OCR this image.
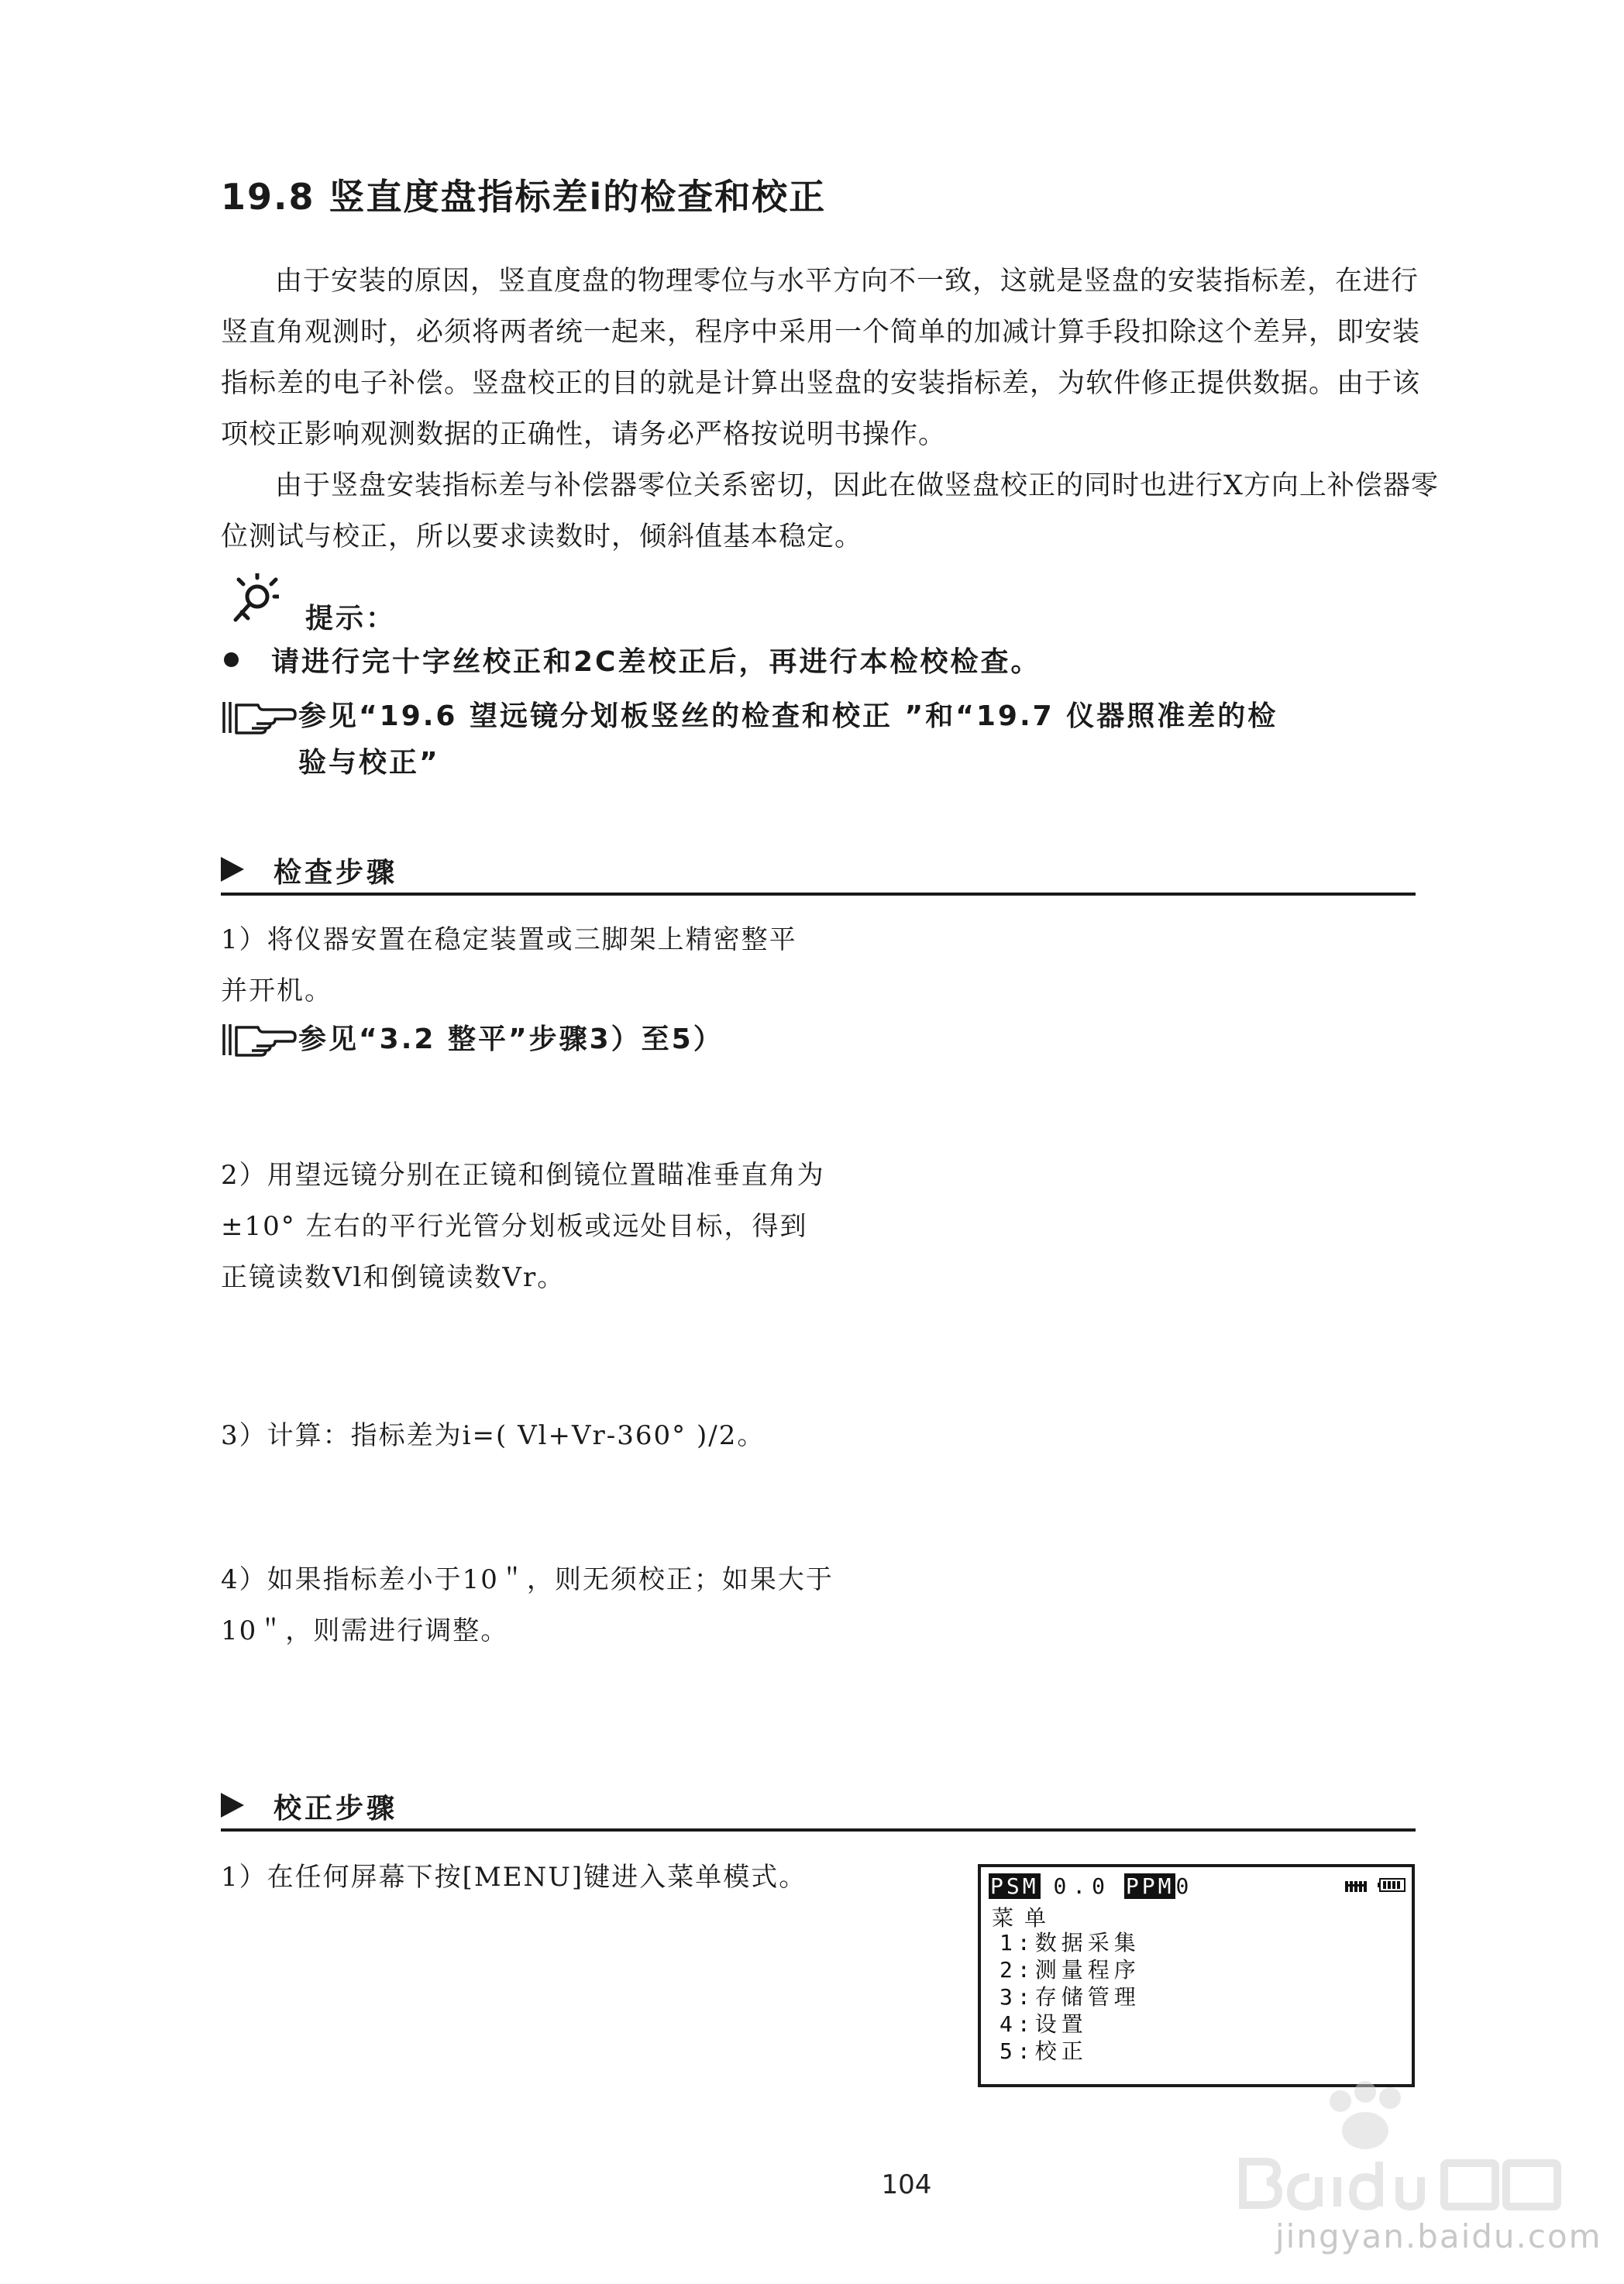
19.8 竖直度盘指标差i的检查和校正

由于安装的原因，竖直度盘的物理零位与水平方向不一致，这就是竖盘的安装指标差，在进行竖直角观测时，必须将两者统一起来，程序中采用一个简单的加减计算手段扣除这个差异，即安装指标差的电子补偿。竖盘校正的目的就是计算出竖盘的安装指标差，为软件修正提供数据。由于该项校正影响观测数据的正确性，请务必严格按说明书操作。

由于竖盘安装指标差与补偿器零位关系密切，因此在做竖盘校正的同时也进行X方向上补偿器零位测试与校正，所以要求读数时，倾斜值基本稳定。

提示：
请进行完十字丝校正和2C差校正后，再进行本检校检查。
参见“19.6 望远镜分划板竖丝的检查和校正 ”和“19.7 仪器照准差的检
验与校正”
检查步骤
1）将仪器安置在稳定装置或三脚架上精密整平
并开机。
参见“3.2 整平”步骤3）至5）
2）用望远镜分别在正镜和倒镜位置瞄准垂直角为
±10° 左右的平行光管分划板或远处目标，得到
正镜读数Vl和倒镜读数Vr。
3）计算：指标差为i=( Vl+Vr-360° )/2。
4）如果指标差小于10＂，则无须校正；如果大于
10＂，则需进行调整。
校正步骤
1）在任何屏幕下按[MENU]键进入菜单模式。	PSM 0.0 PPM0
菜单
1:数据采集
2:测量程序
3:存储管理
4:设置
5:校正
jingyan.baidu.com
104
